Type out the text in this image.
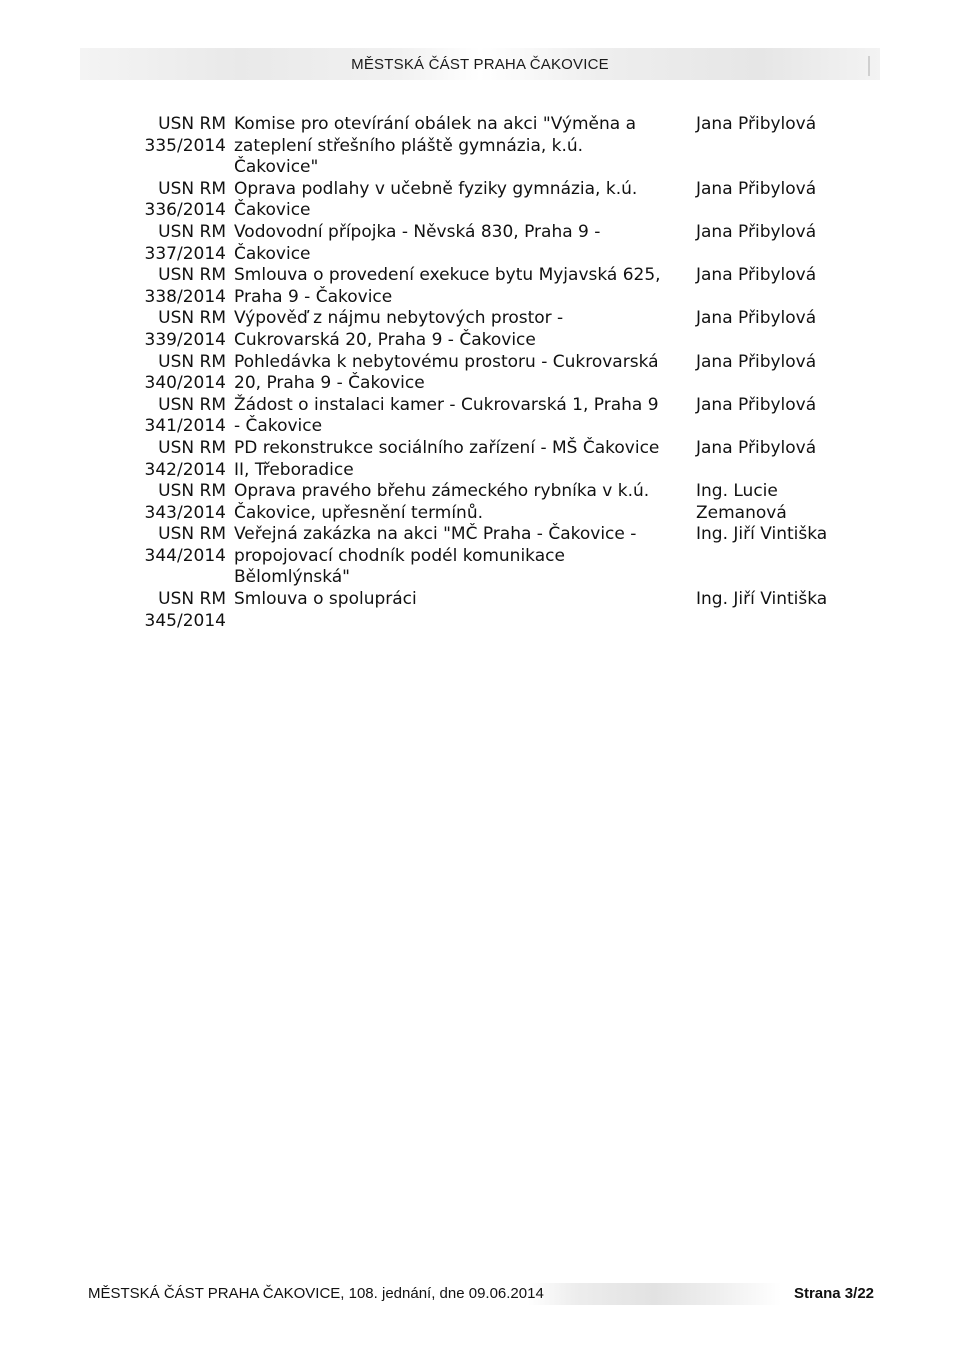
MĚSTSKÁ ČÁST PRAHA ČAKOVICE
USN RM
335/2014
Komise pro otevírání obálek na akci "Výměna a
zateplení střešního pláště gymnázia, k.ú.
Čakovice"
Jana Přibylová
USN RM
336/2014
Oprava podlahy v učebně fyziky gymnázia, k.ú.
Čakovice
Jana Přibylová
USN RM
337/2014
Vodovodní přípojka - Něvská 830, Praha 9 -
Čakovice
Jana Přibylová
USN RM
338/2014
Smlouva o provedení exekuce bytu Myjavská 625,
Praha 9 - Čakovice
Jana Přibylová
USN RM
339/2014
Výpověď z nájmu nebytových prostor -
Cukrovarská 20, Praha 9 - Čakovice
Jana Přibylová
USN RM
340/2014
Pohledávka k nebytovému prostoru - Cukrovarská
20, Praha 9 - Čakovice
Jana Přibylová
USN RM
341/2014
Žádost o instalaci kamer - Cukrovarská 1, Praha 9
- Čakovice
Jana Přibylová
USN RM
342/2014
PD rekonstrukce sociálního zařízení - MŠ Čakovice
II, Třeboradice
Jana Přibylová
USN RM
343/2014
Oprava pravého břehu zámeckého rybníka v k.ú.
Čakovice, upřesnění termínů.
Ing. Lucie
Zemanová
USN RM
344/2014
Veřejná zakázka na akci "MČ Praha - Čakovice -
propojovací chodník podél komunikace
Bělomlýnská"
Ing. Jiří Vintiška
USN RM
345/2014
Smlouva o spolupráci	Ing. Jiří Vintiška
MĚSTSKÁ ČÁST PRAHA ČAKOVICE, 108. jednání, dne 09.06.2014	Strana 3/22
